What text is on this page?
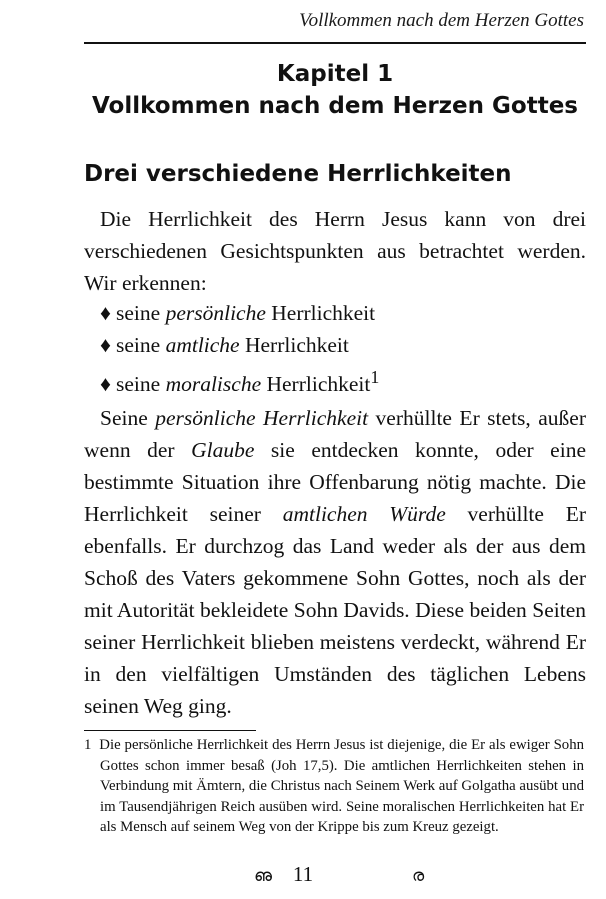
Vollkommen nach dem Herzen Gottes
Kapitel 1
Vollkommen nach dem Herzen Gottes
Drei verschiedene Herrlichkeiten

Die Herrlichkeit des Herrn Jesus kann von drei verschiedenen Gesichtspunkten aus betrachtet werden. Wir erkennen:

♦ seine persönliche Herrlichkeit
♦ seine amtliche Herrlichkeit
♦ seine moralische Herrlichkeit$^1$

Seine persönliche Herrlichkeit verhüllte Er stets, außer wenn der Glaube sie entdecken konnte, oder eine bestimmte Situation ihre Offenbarung nötig machte. Die Herrlichkeit seiner amtlichen Würde verhüllte Er ebenfalls. Er durchzog das Land weder als der aus dem Schoß des Vaters gekommene Sohn Gottes, noch als der mit Autorität bekleidete Sohn Davids. Diese beiden Seiten seiner Herrlichkeit blieben meistens verdeckt, während Er in den vielfältigen Umständen des täglichen Lebens seinen Weg ging.

1 Die persönliche Herrlichkeit des Herrn Jesus ist diejenige, die Er als ewiger Sohn Gottes schon immer besaß (Joh 17,5). Die amtlichen Herrlichkeiten stehen in Verbindung mit Ämtern, die Christus nach Seinem Werk auf Golgatha ausübt und im Tausendjährigen Reich ausüben wird. Seine moralischen Herrlichkeiten hat Er als Mensch auf seinem Weg von der Krippe bis zum Kreuz gezeigt.

ഌ 11	ര
